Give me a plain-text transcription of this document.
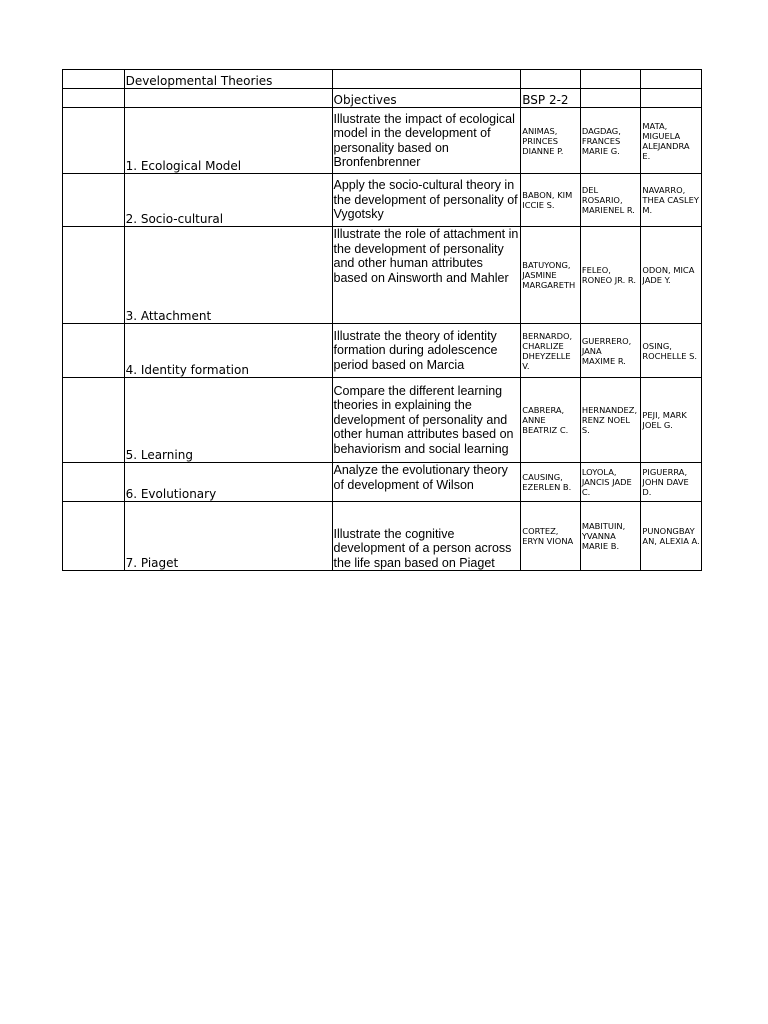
	Developmental Theories				
		Objectives	BSP 2-2		
	1. Ecological Model	Illustrate the impact of ecological model in the development of personality based on Bronfenbrenner	ANIMAS,
PRINCES
DIANNE P.	DAGDAG,
FRANCES
MARIE G.	MATA,
MIGUELA
ALEJANDRA E.
	2. Socio-cultural	Apply the socio-cultural theory in the development of personality of Vygotsky	BABON, KIM
ICCIE S.	DEL ROSARIO,
MARIENEL R.	NAVARRO,
THEA CASLEY
M.
	3. Attachment	Illustrate the role of attachment in the development of personality and other human attributes based on Ainsworth and Mahler	BATUYONG,
JASMINE
MARGARETH	FELEO,
RONEO JR. R.	ODON, MICA
JADE Y.
	4. Identity formation	Illustrate the theory of identity formation during adolescence period based on Marcia	BERNARDO,
CHARLIZE
DHEYZELLE V.	GUERRERO,
JANA
MAXIME R.	OSING,
ROCHELLE S.
	5. Learning	Compare the different learning theories in explaining the development of personality and other human attributes based on behaviorism and social learning	CABRERA,
ANNE
BEATRIZ C.	HERNANDEZ,
RENZ NOEL S.	PEJI, MARK
JOEL G.
	6. Evolutionary	Analyze the evolutionary theory of development of Wilson	CAUSING,
EZERLEN B.	LOYOLA,
JANCIS JADE
C.	PIGUERRA,
JOHN DAVE
D.
	7. Piaget	Illustrate the cognitive development of a person across the life span based on Piaget	CORTEZ,
ERYN VIONA	MABITUIN,
YVANNA
MARIE B.	PUNONGBAY
AN, ALEXIA A.
